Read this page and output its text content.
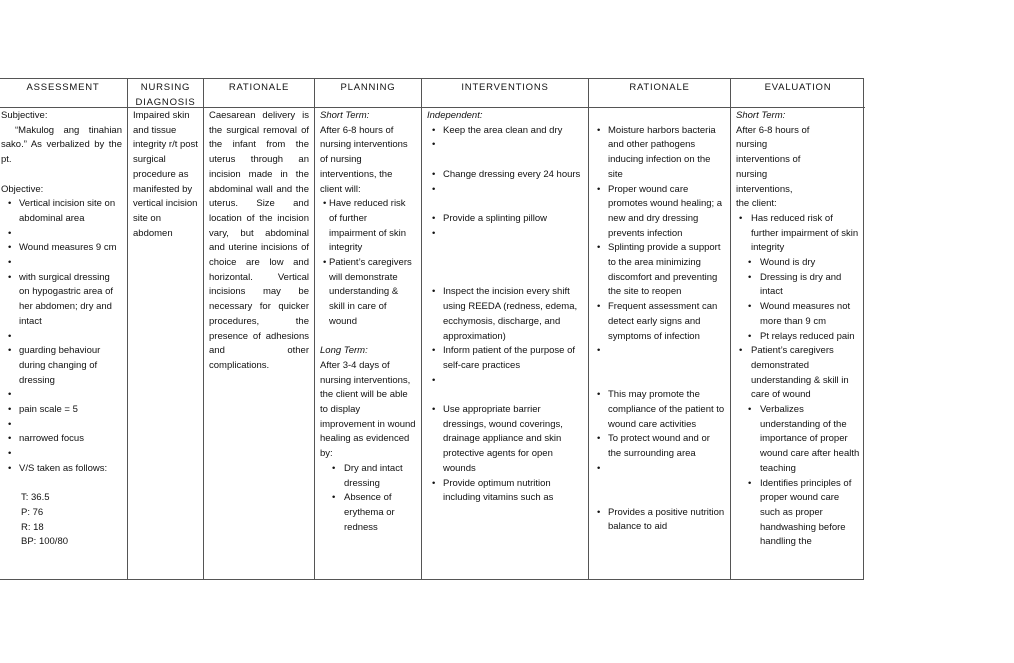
ASSESSMENT
Subjective:
“Makulog ang tinahian sako.” As verbalized by the pt.
Objective:
• Vertical incision site on abdominal area
•
• Wound measures 9 cm
•
• with surgical dressing on hypogastric area of her abdomen; dry and intact
•
• guarding behaviour during changing of dressing
•
• pain scale = 5
•
• narrowed focus
•
• V/S taken as follows:
T: 36.5
P: 76
R: 18
BP: 100/80
NURSING DIAGNOSIS
Impaired skin and tissue integrity r/t post surgical procedure as manifested by vertical incision site on abdomen
RATIONALE
Caesarean delivery is the surgical removal of the infant from the uterus through an incision made in the abdominal wall and the uterus. Size and location of the incision vary, but abdominal and uterine incisions of choice are low and horizontal. Vertical incisions may be necessary for quicker procedures, the presence of adhesions and other complications.
PLANNING
Short Term:
After 6-8 hours of nursing interventions of nursing interventions, the client will:
• Have reduced risk of further impairment of skin integrity
• Patient’s caregivers will demonstrate understanding & skill in care of wound
Long Term:
After 3-4 days of nursing interventions, the client will be able to display improvement in wound healing as evidenced by:
• Dry and intact dressing
• Absence of erythema or redness
INTERVENTIONS
Independent:
• Keep the area clean and dry
•
• Change dressing every 24 hours
•
• Provide a splinting pillow
•
• Inspect the incision every shift using REEDA (redness, edema, ecchymosis, discharge, and approximation)
• Inform patient of the purpose of self-care practices
•
• Use appropriate barrier dressings, wound coverings, drainage appliance and skin protective agents for open wounds
• Provide optimum nutrition including vitamins such as
RATIONALE
• Moisture harbors bacteria and other pathogens inducing infection on the site
• Proper wound care promotes wound healing; a new and dry dressing prevents infection
• Splinting provide a support to the area minimizing discomfort and preventing the site to reopen
• Frequent assessment can detect early signs and symptoms of infection
•
• This may promote the compliance of the patient to wound care activities
• To protect wound and or the surrounding area
•
• Provides a positive nutrition balance to aid
EVALUATION
Short Term:
After 6-8 hours of
nursing
interventions of
nursing
interventions,
the client:
• Has reduced risk of further impairment of skin integrity
• Wound is dry
• Dressing is dry and intact
• Wound measures not more than 9 cm
• Pt relays reduced pain
• Patient’s caregivers demonstrated understanding & skill in care of wound
• Verbalizes understanding of the importance of proper wound care after health teaching
• Identifies principles of proper wound care such as proper handwashing before handling the
